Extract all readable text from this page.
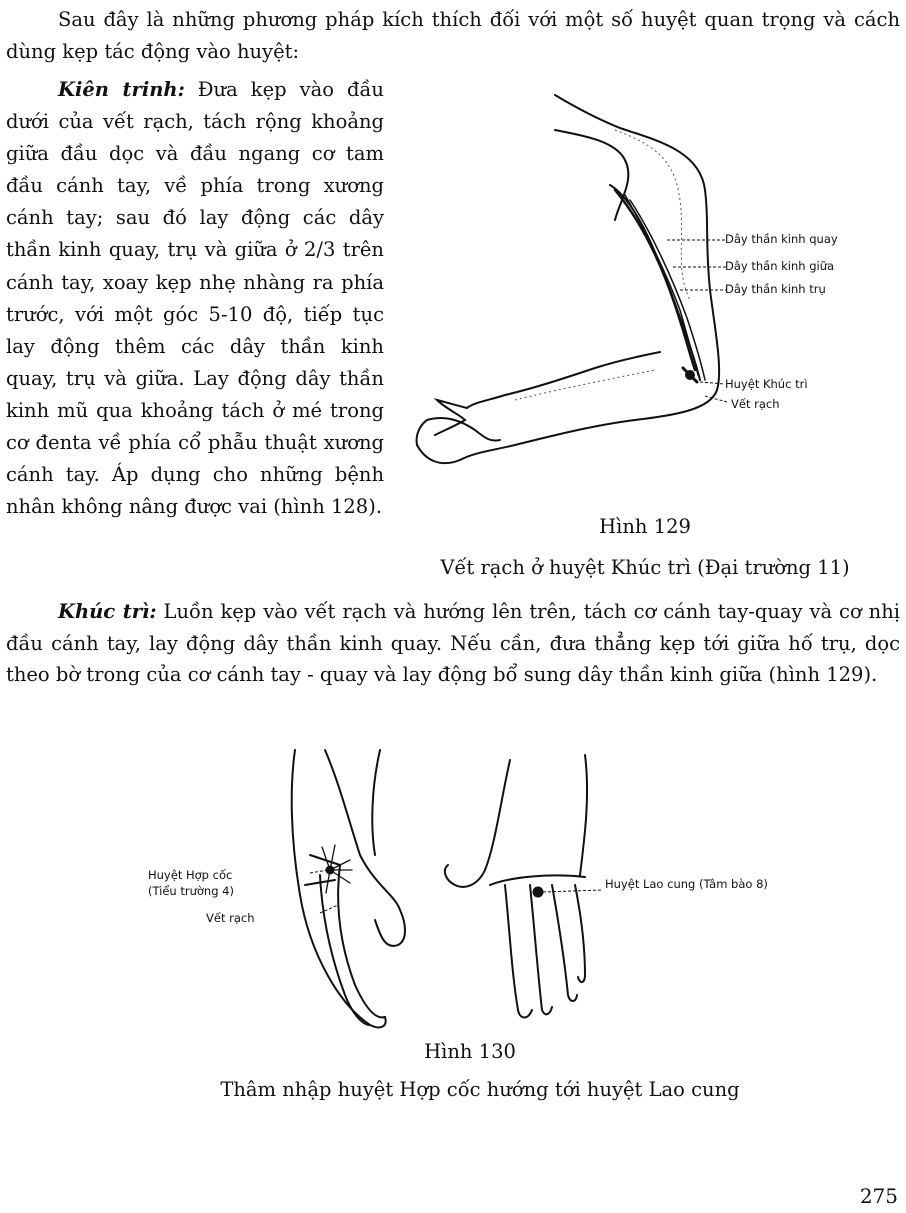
Sau đây là những phương pháp kích thích đối với một số huyệt quan trọng và cách dùng kẹp tác động vào huyệt:

Kiên trinh: Đưa kẹp vào đầu dưới của vết rạch, tách rộng khoảng giữa đầu dọc và đầu ngang cơ tam đầu cánh tay, về phía trong xương cánh tay; sau đó lay động các dây thần kinh quay, trụ và giữa ở 2/3 trên cánh tay, xoay kẹp nhẹ nhàng ra phía trước, với một góc 5-10 độ, tiếp tục lay động thêm các dây thần kinh quay, trụ và giữa. Lay động dây thần kinh mũ qua khoảng tách ở mé trong cơ đenta về phía cổ phẫu thuật xương cánh tay. Áp dụng cho những bệnh nhân không nâng được vai (hình 128).

Dây thần kinh quay
Dây thần kinh giữa
Dây thần kinh trụ
Huyệt Khúc trì
Vết rạch
Hình 129
Vết rạch ở huyệt Khúc trì (Đại trường 11)

Khúc trì: Luồn kẹp vào vết rạch và hướng lên trên, tách cơ cánh tay-quay và cơ nhị đầu cánh tay, lay động dây thần kinh quay. Nếu cần, đưa thẳng kẹp tới giữa hố trụ, dọc theo bờ trong của cơ cánh tay - quay và lay động bổ sung dây thần kinh giữa (hình 129).

Huyệt Hợp cốc
(Tiểu trường 4)
Vết rạch
Huyệt Lao cung (Tâm bào 8)
Hình 130
Thâm nhập huyệt Hợp cốc hướng tới huyệt Lao cung
275
